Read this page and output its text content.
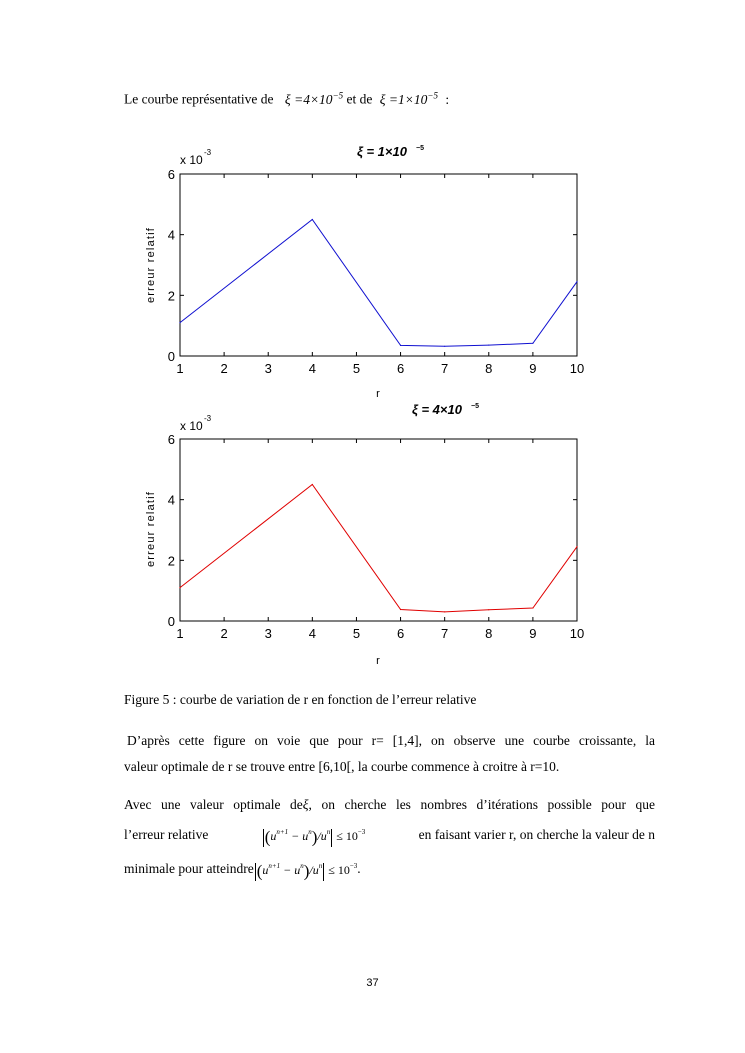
Le courbe représentative de $\xi =4\times 10^{-5}$ et de $\xi =1\times 10^{-5}$ :
ξ = 1×10 −5
x 10
-3
1	2	3	4	5	6	7	8	9	10
0
2
4
6
erreur relatif
r
ξ = 4×10 −5
x 10
-3
1	2	3	4	5	6	7	8	9	10
0
2
4
6
erreur relatif
r
Figure 5 : courbe de variation de r en fonction de l’erreur relative
D’après cette figure on voie que pour r= [1,4], on observe une courbe croissante, la
valeur optimale de r se trouve entre [6,10[, la courbe commence à croitre à r=10.
Avec une valeur optimale deξ, on cherche les nombres d’itérations possible pour que
l’erreur relative	$(u^{n+1} - u^n)/u^n \le 10^{-3}$	en faisant varier r, on cherche la valeur de n
minimale pour atteindre $(u^{n+1} - u^n)/u^n \le 10^{-3}$ .
37
